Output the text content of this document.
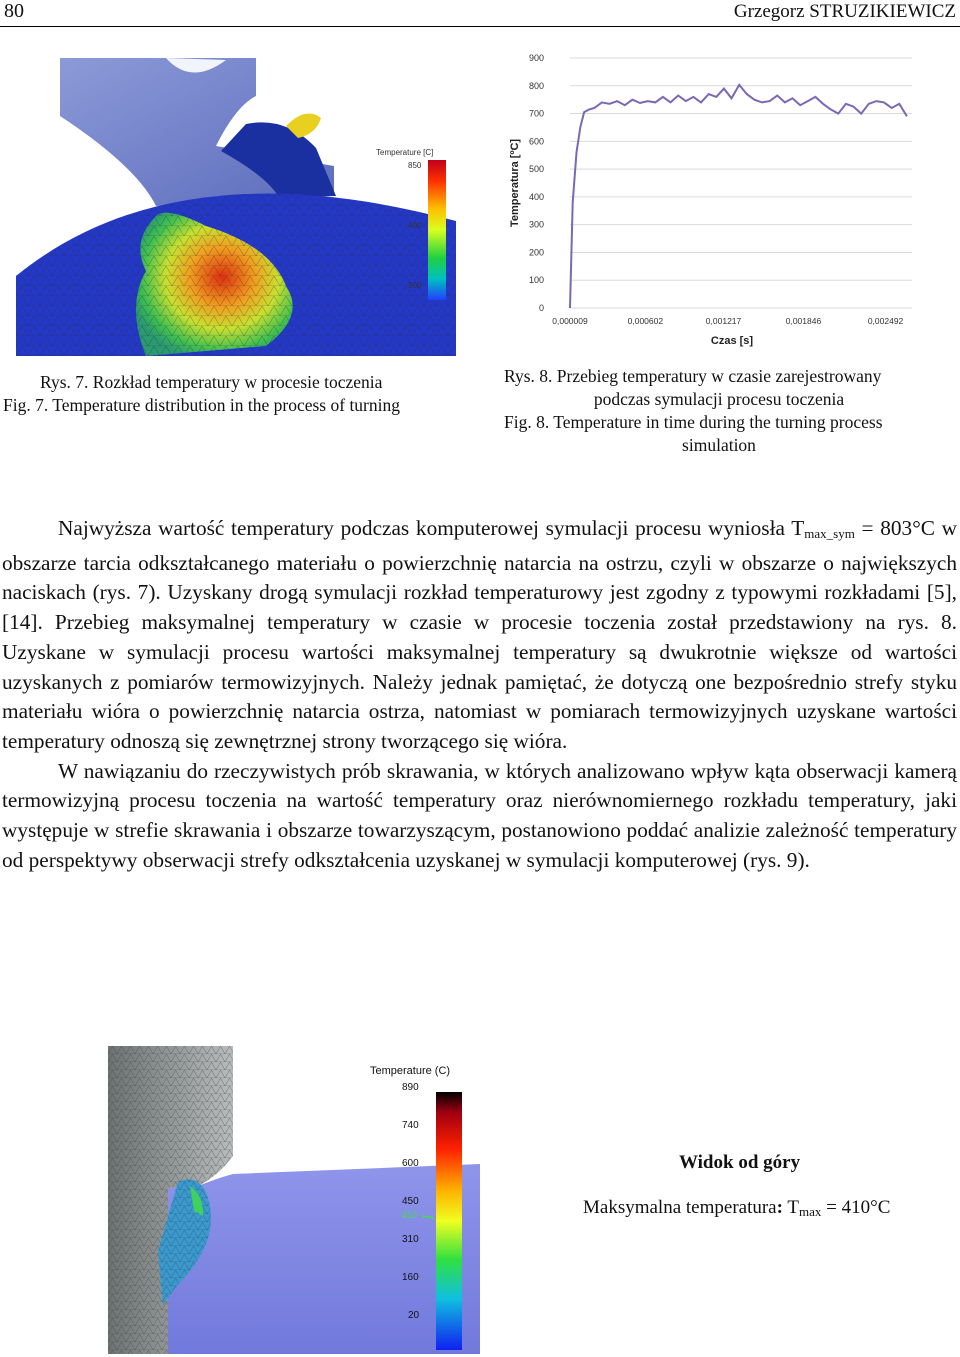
80	Grzegorz STRUZIKIEWICZ
Temperature [C]
850
400
200
Rys. 7. Rozkład temperatury w procesie toczenia
Fig. 7. Temperature distribution in the process of turning
0
100
200
300
400
500
600
700
800
900
0,000009	0,000602	0,001217	0,001846	0,002492
Temperatura [ºC]
Czas [s]
Rys. 8. Przebieg temperatury w czasie zarejestrowany
podczas symulacji procesu toczenia
Fig. 8. Temperature in time during the turning process
simulation

Najwyższa wartość temperatury podczas komputerowej symulacji procesu wyniosła $T_{max\_sym} = 803^\circ C$ w obszarze tarcia odkształcanego materiału o powierzchnię natarcia na ostrzu, czyli w obszarze o największych naciskach (rys. 7). Uzyskany drogą symulacji rozkład temperaturowy jest zgodny z typowymi rozkładami [5],[14]. Przebieg maksymalnej temperatury w czasie w procesie toczenia został przedstawiony na rys. 8. Uzyskane w symulacji procesu wartości maksymalnej temperatury są dwukrotnie większe od wartości uzyskanych z pomiarów termowizyjnych. Należy jednak pamiętać, że dotyczą one bezpośrednio strefy styku materiału wióra o powierzchnię natarcia ostrza, natomiast w pomiarach termowizyjnych uzyskane wartości temperatury odnoszą się zewnętrznej strony tworzącego się wióra.

W nawiązaniu do rzeczywistych prób skrawania, w których analizowano wpływ kąta obserwacji kamerą termowizyjną procesu toczenia na wartość temperatury oraz nierównomiernego rozkładu temperatury, jaki występuje w strefie skrawania i obszarze towarzyszącym, postanowiono poddać analizie zależność temperatury od perspektywy obserwacji strefy odkształcenia uzyskanej w symulacji komputerowej (rys. 9).

Temperature (C)
890
740
600
450
410
310
160
20
Widok od góry
Maksymalna temperatura: $T_{max} = 410^\circ C$
